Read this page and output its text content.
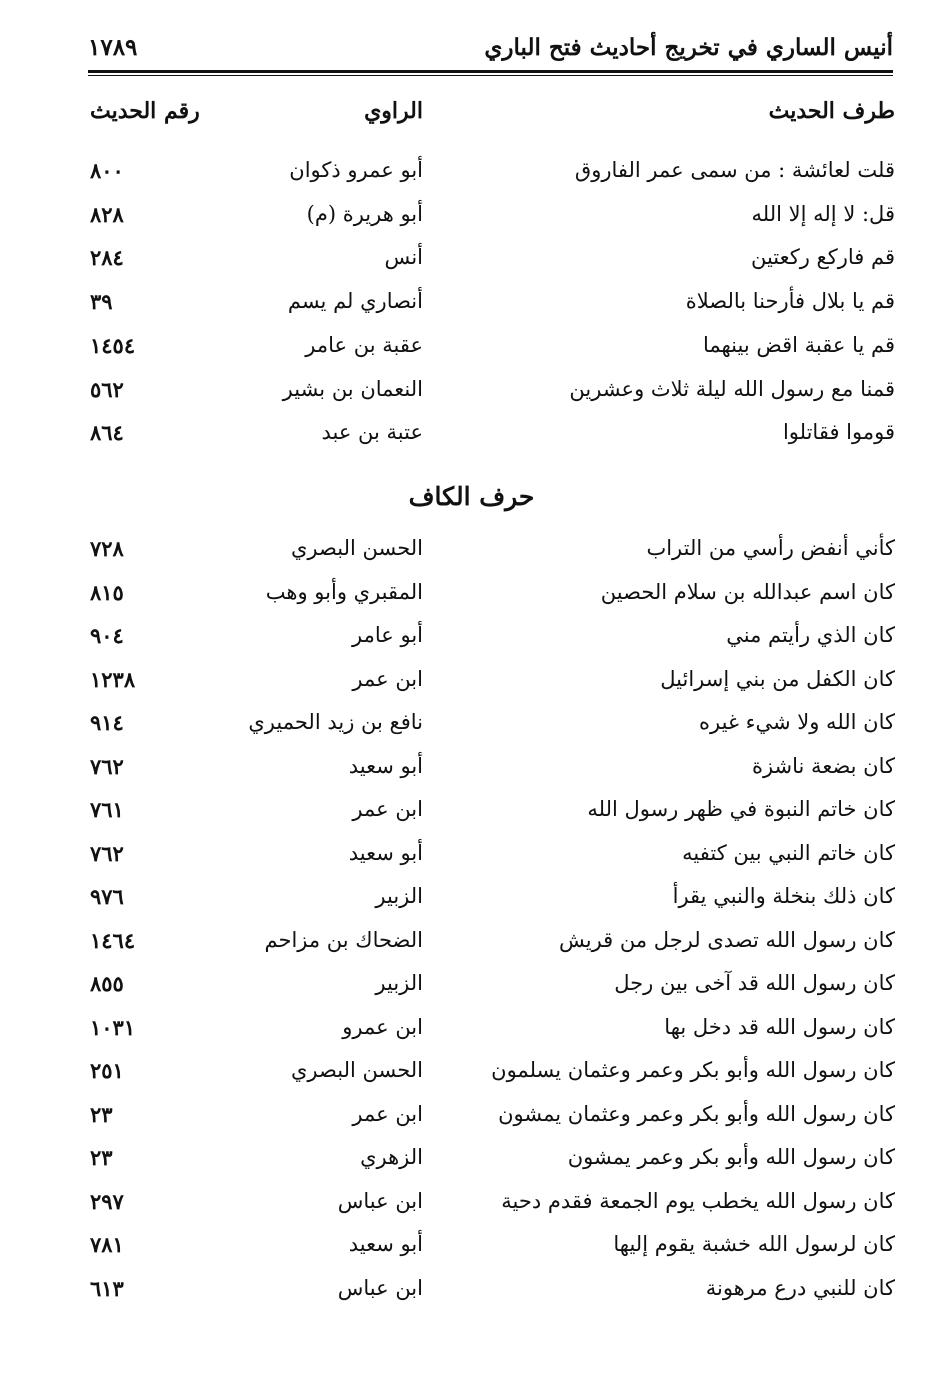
أنيس الساري في تخريج أحاديث فتح الباري
١٧٨٩
طرف الحديث
الراوي
رقم الحديث
قلت لعائشة : من سمى عمر الفاروق
أبو عمرو ذكوان
٨٠٠
قل: لا إله إلا الله
أبو هريرة (م)
٨٢٨
قم فاركع ركعتين
أنس
٢٨٤
قم يا بلال فأرحنا بالصلاة
أنصاري لم يسم
٣٩
قم يا عقبة اقض بينهما
عقبة بن عامر
١٤٥٤
قمنا مع رسول الله ليلة ثلاث وعشرين
النعمان بن بشير
٥٦٢
قوموا فقاتلوا
عتبة بن عبد
٨٦٤
حرف الكاف
كأني أنفض رأسي من التراب
الحسن البصري
٧٢٨
كان اسم عبدالله بن سلام الحصين
المقبري وأبو وهب
٨١٥
كان الذي رأيتم مني
أبو عامر
٩٠٤
كان الكفل من بني إسرائيل
ابن عمر
١٢٣٨
كان الله ولا شيء غيره
نافع بن زيد الحميري
٩١٤
كان بضعة ناشزة
أبو سعيد
٧٦٢
كان خاتم النبوة في ظهر رسول الله
ابن عمر
٧٦١
كان خاتم النبي بين كتفيه
أبو سعيد
٧٦٢
كان ذلك بنخلة والنبي يقرأ
الزبير
٩٧٦
كان رسول الله تصدى لرجل من قريش
الضحاك بن مزاحم
١٤٦٤
كان رسول الله قد آخى بين رجل
الزبير
٨٥٥
كان رسول الله قد دخل بها
ابن عمرو
١٠٣١
كان رسول الله وأبو بكر وعمر وعثمان يسلمون
الحسن البصري
٢٥١
كان رسول الله وأبو بكر وعمر وعثمان يمشون
ابن عمر
٢٣
كان رسول الله وأبو بكر وعمر يمشون
الزهري
٢٣
كان رسول الله يخطب يوم الجمعة فقدم دحية
ابن عباس
٢٩٧
كان لرسول الله خشبة يقوم إليها
أبو سعيد
٧٨١
كان للنبي درع مرهونة
ابن عباس
٦١٣
